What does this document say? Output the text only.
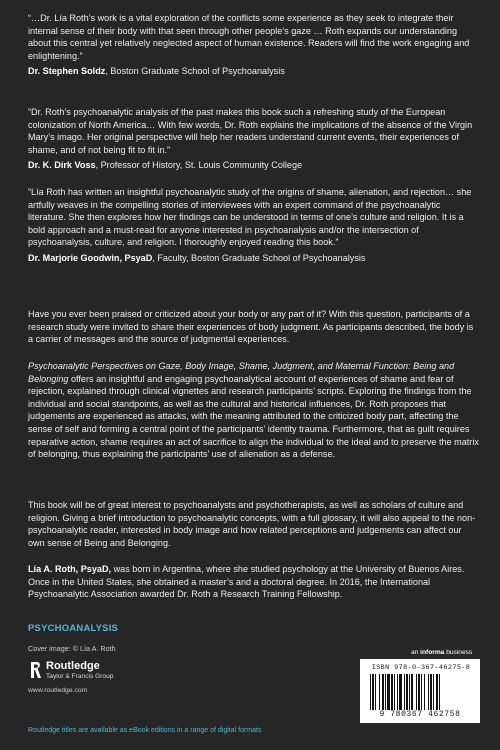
“…Dr. Lía Roth’s work is a vital exploration of the conflicts some experience as they seek to integrate their internal sense of their body with that seen through other people’s gaze … Roth expands our understanding about this central yet relatively neglected aspect of human existence. Readers will find the work engaging and enlightening.”

Dr. Stephen Soldz, Boston Graduate School of Psychoanalysis

“Dr. Roth’s psychoanalytic analysis of the past makes this book such a refreshing study of the European colonization of North America… With few words, Dr. Roth explains the implications of the absence of the Virgin Mary’s imago. Her original perspective will help her readers understand current events, their experiences of shame, and of not being fit to fit in.”

Dr. K. Dirk Voss, Professor of History, St. Louis Community College

“Lía Roth has written an insightful psychoanalytic study of the origins of shame, alienation, and rejection… she artfully weaves in the compelling stories of interviewees with an expert command of the psychoanalytic literature. She then explores how her findings can be understood in terms of one’s culture and religion. It is a bold approach and a must-read for anyone interested in psychoanalysis and/or the intersection of psychoanalysis, culture, and religion. I thoroughly enjoyed reading this book.”

Dr. Marjorie Goodwin, PsyaD, Faculty, Boston Graduate School of Psychoanalysis

Have you ever been praised or criticized about your body or any part of it? With this question, participants of a research study were invited to share their experiences of body judgment. As participants described, the body is a carrier of messages and the source of judgmental experiences.

Psychoanalytic Perspectives on Gaze, Body Image, Shame, Judgment, and Maternal Function: Being and Belonging offers an insightful and engaging psychoanalytical account of experiences of shame and fear of rejection, explained through clinical vignettes and research participants’ scripts. Exploring the findings from the individual and social standpoints, as well as the cultural and historical influences, Dr. Roth proposes that judgements are experienced as attacks, with the meaning attributed to the criticized body part, affecting the sense of self and forming a central point of the participants’ identity trauma. Furthermore, that as guilt requires reparative action, shame requires an act of sacrifice to align the individual to the ideal and to preserve the matrix of belonging, thus explaining the participants’ use of alienation as a defense.

This book will be of great interest to psychoanalysts and psychotherapists, as well as scholars of culture and religion. Giving a brief introduction to psychoanalytic concepts, with a full glossary, it will also appeal to the non-psychoanalytic reader, interested in body image and how related perceptions and judgements can affect our own sense of Being and Belonging.

Lía A. Roth, PsyaD, was born in Argentina, where she studied psychology at the University of Buenos Aires. Once in the United States, she obtained a master’s and a doctoral degree. In 2016, the International Psychoanalytic Association awarded Dr. Roth a Research Training Fellowship.

PSYCHOANALYSIS
Cover image: © Lía A. Roth
Routledge
Taylor & Francis Group
www.routledge.com
an informa business
ISBN 978-0-367-46275-8
9 780367 462758
Routledge titles are available as eBook editions in a range of digital formats
